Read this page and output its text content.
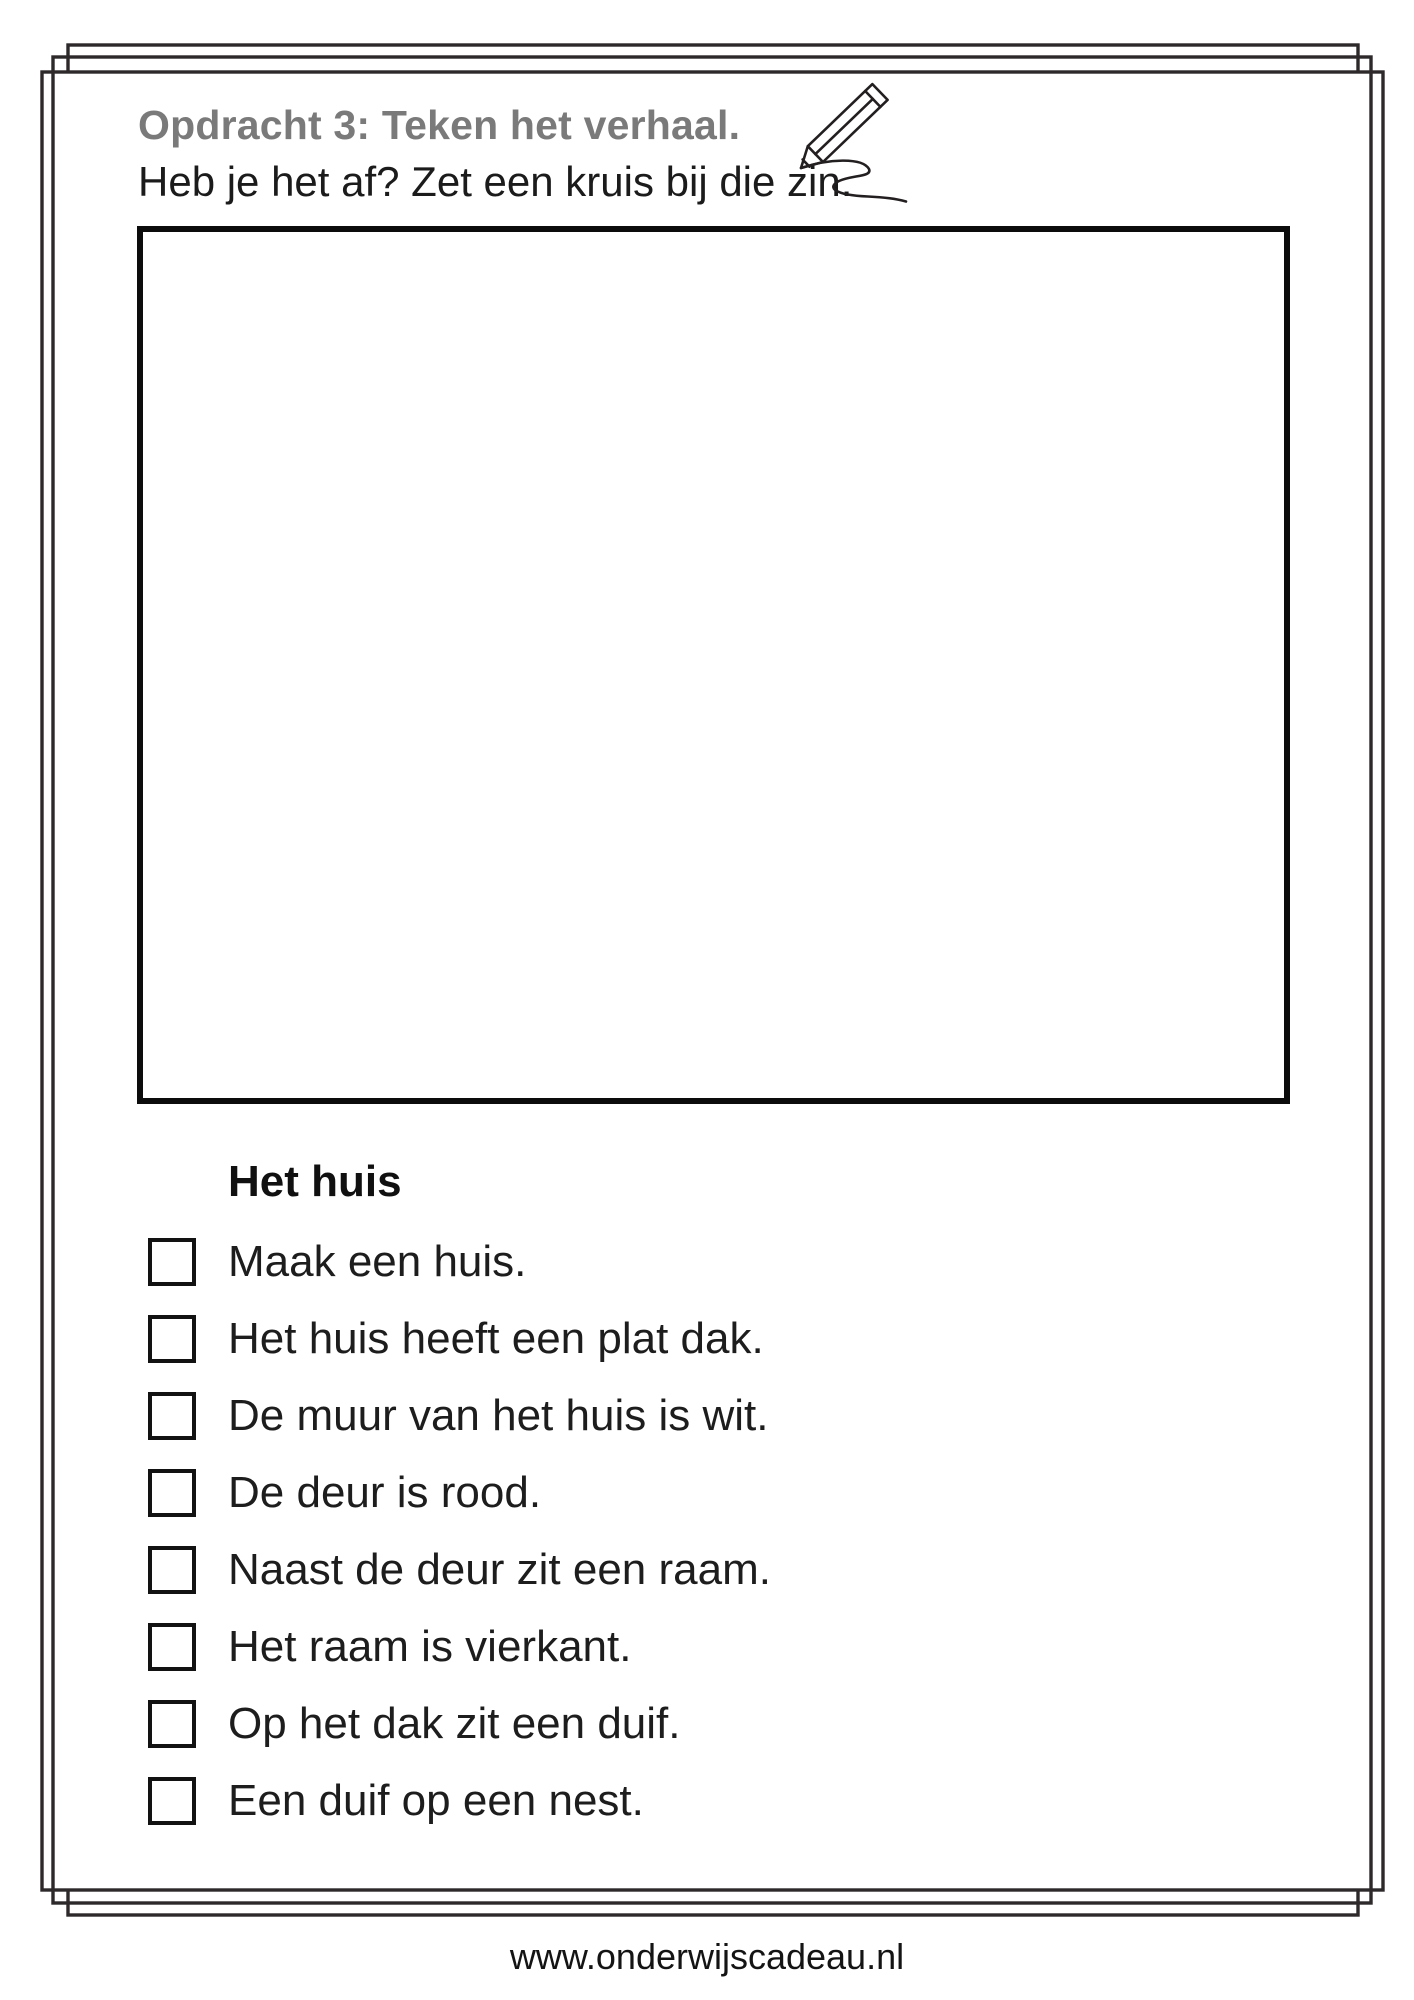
Opdracht 3: Teken het verhaal.
Heb je het af? Zet een kruis bij die zin.
Het huis
Maak een huis.
Het huis heeft een plat dak.
De muur van het huis is wit.
De deur is rood.
Naast de deur zit een raam.
Het raam is vierkant.
Op het dak zit een duif.
Een duif op een nest.
www.onderwijscadeau.nl
